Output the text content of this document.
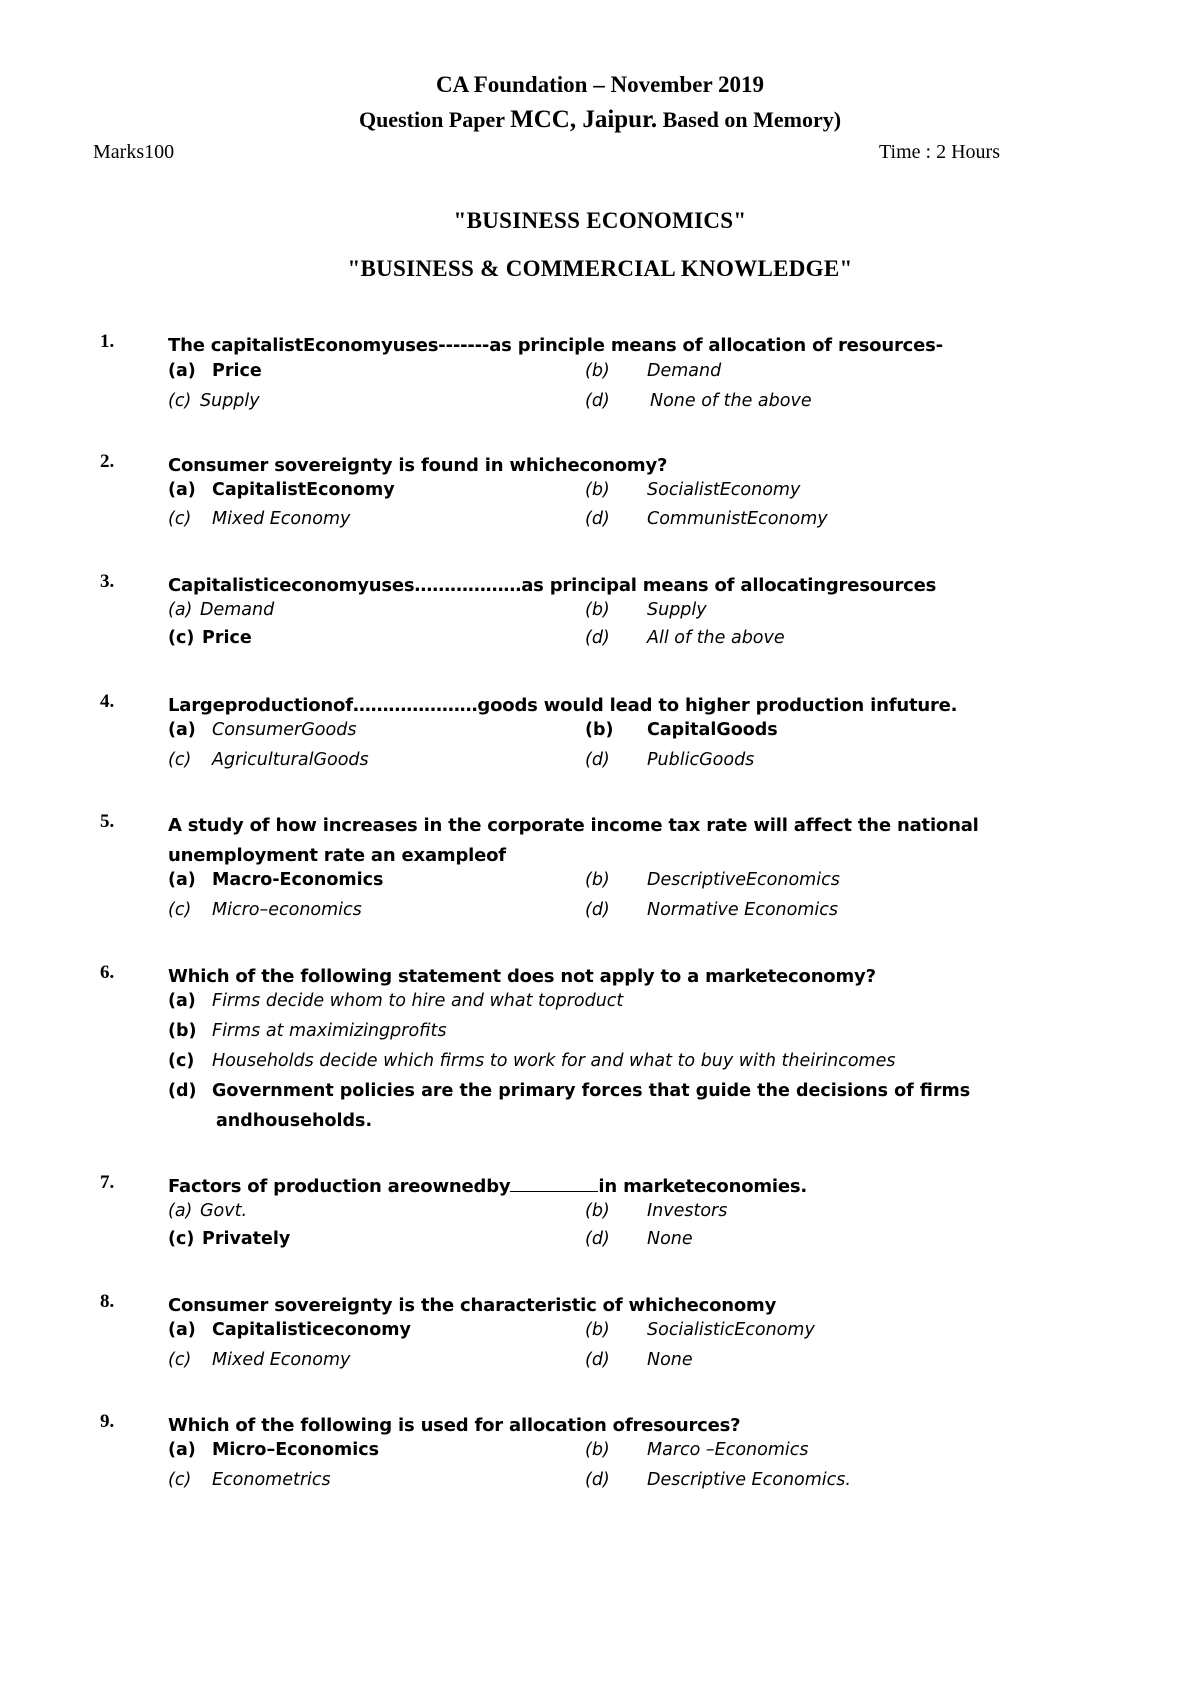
CA Foundation – November 2019
Question Paper MCC, Jaipur. Based on Memory)
Marks100	Time : 2 Hours
"BUSINESS ECONOMICS"
"BUSINESS & COMMERCIAL KNOWLEDGE"
1.	The capitalistEconomyuses-------as principle means of allocation of resources-
(a) Price	(b) Demand
(c) Supply	(d) None of the above
2.	Consumer sovereignty is found in whicheconomy?
(a) CapitalistEconomy	(b) SocialistEconomy
(c) Mixed Economy	(d) CommunistEconomy
3.	Capitalisticeconomyuses………………as principal means of allocatingresources
(a) Demand	(b) Supply
(c) Price	(d) All of the above
4.	Largeproductionof…………………goods would lead to higher production infuture.
(a) ConsumerGoods	(b) CapitalGoods
(c) AgriculturalGoods	(d) PublicGoods
5.	A study of how increases in the corporate income tax rate will affect the national unemployment rate an exampleof
(a) Macro-Economics	(b) DescriptiveEconomics
(c) Micro–economics	(d) Normative Economics
6.	Which of the following statement does not apply to a marketeconomy?
(a) Firms decide whom to hire and what toproduct
(b) Firms at maximizingprofits
(c) Households decide which firms to work for and what to buy with theirincomes
(d) Government policies are the primary forces that guide the decisions of firms
andhouseholds.
7.	Factors of production areownedby	in marketeconomies.
(a) Govt.	(b) Investors
(c) Privately	(d) None
8.	Consumer sovereignty is the characteristic of whicheconomy
(a) Capitalisticeconomy	(b) SocialisticEconomy
(c) Mixed Economy	(d) None
9.	Which of the following is used for allocation ofresources?
(a) Micro–Economics	(b) Marco –Economics
(c) Econometrics	(d) Descriptive Economics.
